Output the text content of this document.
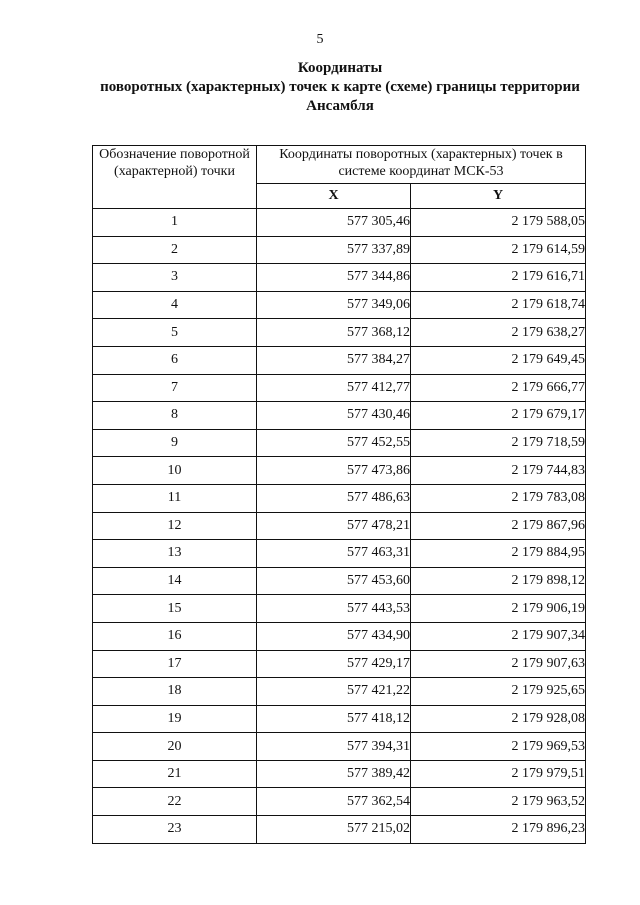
5
Координаты
поворотных (характерных) точек к карте (схеме) границы территории
Ансамбля
Обозначение поворотной (характерной) точки	Координаты поворотных (характерных) точек в системе координат МСК-53	
	X	Y
1	577 305,46	2 179 588,05
2	577 337,89	2 179 614,59
3	577 344,86	2 179 616,71
4	577 349,06	2 179 618,74
5	577 368,12	2 179 638,27
6	577 384,27	2 179 649,45
7	577 412,77	2 179 666,77
8	577 430,46	2 179 679,17
9	577 452,55	2 179 718,59
10	577 473,86	2 179 744,83
11	577 486,63	2 179 783,08
12	577 478,21	2 179 867,96
13	577 463,31	2 179 884,95
14	577 453,60	2 179 898,12
15	577 443,53	2 179 906,19
16	577 434,90	2 179 907,34
17	577 429,17	2 179 907,63
18	577 421,22	2 179 925,65
19	577 418,12	2 179 928,08
20	577 394,31	2 179 969,53
21	577 389,42	2 179 979,51
22	577 362,54	2 179 963,52
23	577 215,02	2 179 896,23
